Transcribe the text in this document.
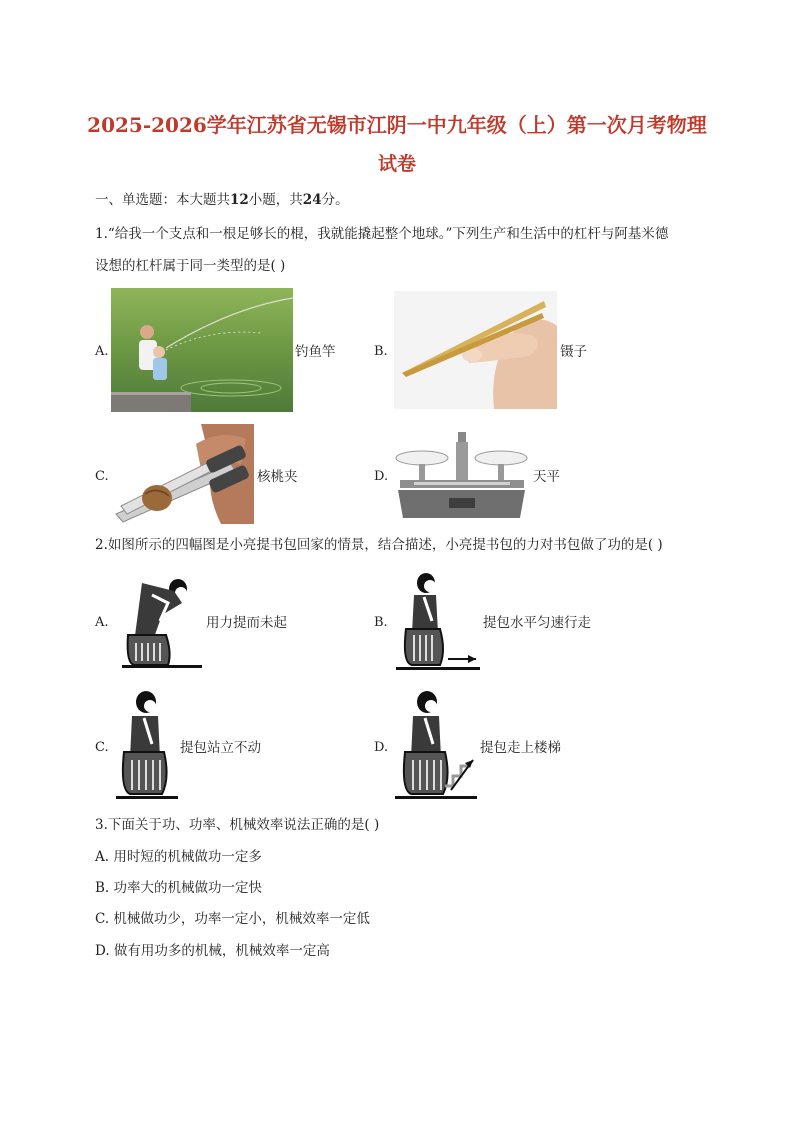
2025-2026学年江苏省无锡市江阴一中九年级（上）第一次月考物理
试卷
一、单选题：本大题共12小题，共24分。
1.“给我一个支点和一根足够长的棍，我就能撬起整个地球。”下列生产和生活中的杠杆与阿基米德
设想的杠杆属于同一类型的是( )
A.	钓鱼竿	B.	镊子
C.	核桃夹	D.	天平
2.如图所示的四幅图是小亮提书包回家的情景，结合描述，小亮提书包的力对书包做了功的是( )
A.	用力提而未起	B.	提包水平匀速行走
C.	提包站立不动	D.	提包走上楼梯
3.下面关于功、功率、机械效率说法正确的是( )
A. 用时短的机械做功一定多
B. 功率大的机械做功一定快
C. 机械做功少，功率一定小，机械效率一定低
D. 做有用功多的机械，机械效率一定高
